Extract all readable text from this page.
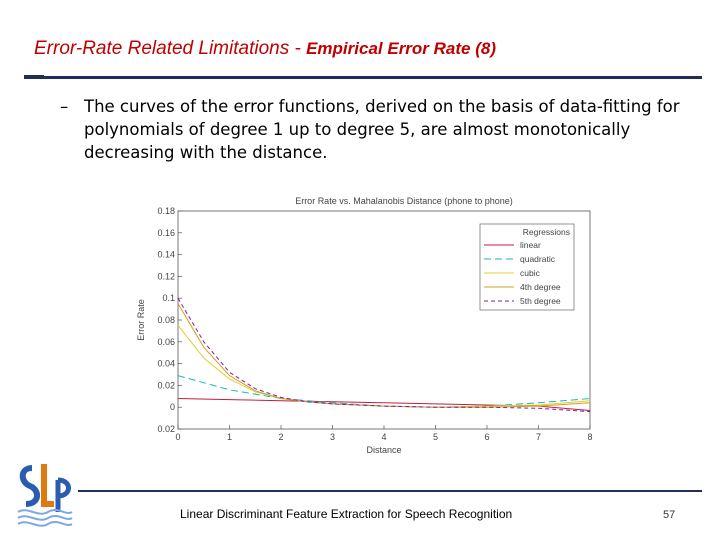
Error-Rate Related Limitations - Empirical Error Rate (8)
– The curves of the error functions, derived on the basis of data-fitting for polynomials of degree 1 up to degree 5, are almost monotonically decreasing with the distance.
Error Rate vs. Mahalanobis Distance (phone to phone)
0.18
0.16
0.14
0.12
0.1
0.08
0.06
0.04
0.02
0
0.02
0	1	2	3	4	5	6	7	8
Distance
Error Rate
Regressions
linear
quadratic
cubic
4th degree
5th degree
Linear Discriminant Feature Extraction for Speech Recognition	57
